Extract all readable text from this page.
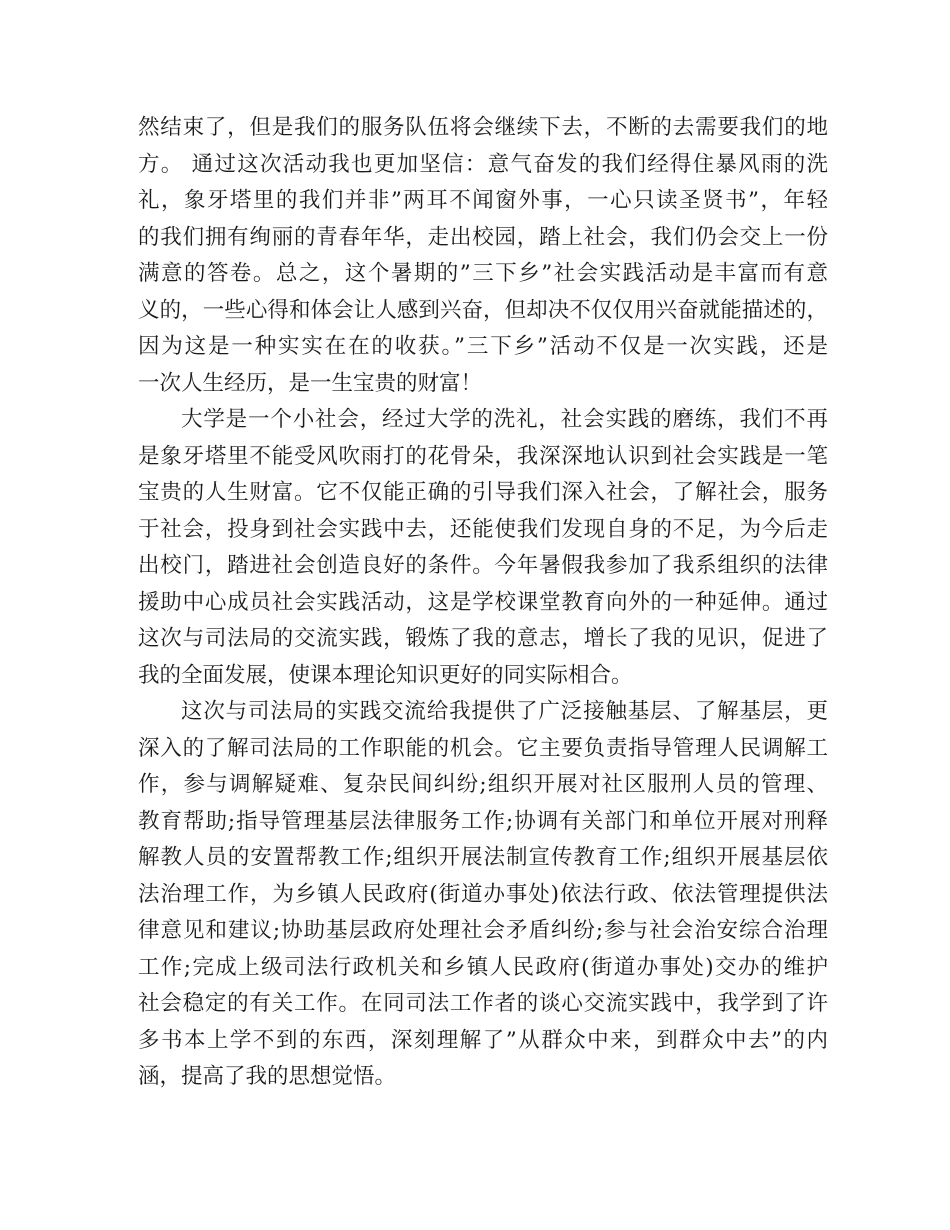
然结束了，但是我们的服务队伍将会继续下去，不断的去需要我们的地
方。 通过这次活动我也更加坚信：意气奋发的我们经得住暴风雨的洗
礼，象牙塔里的我们并非”两耳不闻窗外事，一心只读圣贤书”，年轻
的我们拥有绚丽的青春年华，走出校园，踏上社会，我们仍会交上一份
满意的答卷。总之，这个暑期的”三下乡”社会实践活动是丰富而有意
义的，一些心得和体会让人感到兴奋，但却决不仅仅用兴奋就能描述的，
因为这是一种实实在在的收获。”三下乡”活动不仅是一次实践，还是
一次人生经历，是一生宝贵的财富！
大学是一个小社会，经过大学的洗礼，社会实践的磨练，我们不再
是象牙塔里不能受风吹雨打的花骨朵，我深深地认识到社会实践是一笔
宝贵的人生财富。它不仅能正确的引导我们深入社会，了解社会，服务
于社会，投身到社会实践中去，还能使我们发现自身的不足，为今后走
出校门，踏进社会创造良好的条件。今年暑假我参加了我系组织的法律
援助中心成员社会实践活动，这是学校课堂教育向外的一种延伸。通过
这次与司法局的交流实践，锻炼了我的意志，增长了我的见识，促进了
我的全面发展，使课本理论知识更好的同实际相合。
这次与司法局的实践交流给我提供了广泛接触基层、了解基层，更
深入的了解司法局的工作职能的机会。它主要负责指导管理人民调解工
作，参与调解疑难、复杂民间纠纷;组织开展对社区服刑人员的管理、
教育帮助;指导管理基层法律服务工作;协调有关部门和单位开展对刑释
解教人员的安置帮教工作;组织开展法制宣传教育工作;组织开展基层依
法治理工作，为乡镇人民政府(街道办事处)依法行政、依法管理提供法
律意见和建议;协助基层政府处理社会矛盾纠纷;参与社会治安综合治理
工作;完成上级司法行政机关和乡镇人民政府(街道办事处)交办的维护
社会稳定的有关工作。在同司法工作者的谈心交流实践中，我学到了许
多书本上学不到的东西，深刻理解了”从群众中来，到群众中去”的内
涵，提高了我的思想觉悟。
